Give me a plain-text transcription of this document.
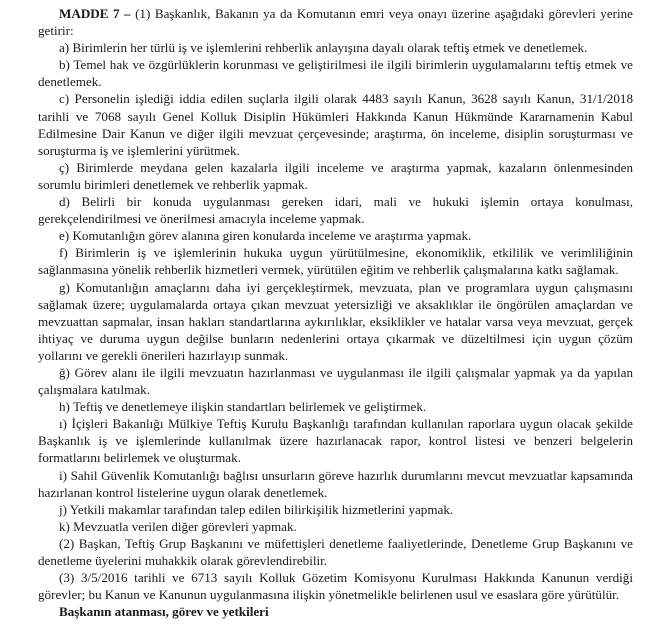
MADDE 7 – (1) Başkanlık, Bakanın ya da Komutanın emri veya onayı üzerine aşağıdaki görevleri yerine getirir:

a) Birimlerin her türlü iş ve işlemlerini rehberlik anlayışına dayalı olarak teftiş etmek ve denetlemek.

b) Temel hak ve özgürlüklerin korunması ve geliştirilmesi ile ilgili birimlerin uygulamalarını teftiş etmek ve denetlemek.

c) Personelin işlediği iddia edilen suçlarla ilgili olarak 4483 sayılı Kanun, 3628 sayılı Kanun, 31/1/2018 tarihli ve 7068 sayılı Genel Kolluk Disiplin Hükümleri Hakkında Kanun Hükmünde Kararnamenin Kabul Edilmesine Dair Kanun ve diğer ilgili mevzuat çerçevesinde; araştırma, ön inceleme, disiplin soruşturması ve soruşturma iş ve işlemlerini yürütmek.

ç) Birimlerde meydana gelen kazalarla ilgili inceleme ve araştırma yapmak, kazaların önlenmesinden sorumlu birimleri denetlemek ve rehberlik yapmak.

d) Belirli bir konuda uygulanması gereken idari, mali ve hukuki işlemin ortaya konulması, gerekçelendirilmesi ve önerilmesi amacıyla inceleme yapmak.

e) Komutanlığın görev alanına giren konularda inceleme ve araştırma yapmak.

f) Birimlerin iş ve işlemlerinin hukuka uygun yürütülmesine, ekonomiklik, etkililik ve verimliliğinin sağlanmasına yönelik rehberlik hizmetleri vermek, yürütülen eğitim ve rehberlik çalışmalarına katkı sağlamak.

g) Komutanlığın amaçlarını daha iyi gerçekleştirmek, mevzuata, plan ve programlara uygun çalışmasını sağlamak üzere; uygulamalarda ortaya çıkan mevzuat yetersizliği ve aksaklıklar ile öngörülen amaçlardan ve mevzuattan sapmalar, insan hakları standartlarına aykırılıklar, eksiklikler ve hatalar varsa veya mevzuat, gerçek ihtiyaç ve duruma uygun değilse bunların nedenlerini ortaya çıkarmak ve düzeltilmesi için uygun çözüm yollarını ve gerekli önerileri hazırlayıp sunmak.

ğ) Görev alanı ile ilgili mevzuatın hazırlanması ve uygulanması ile ilgili çalışmalar yapmak ya da yapılan çalışmalara katılmak.

h) Teftiş ve denetlemeye ilişkin standartları belirlemek ve geliştirmek.

ı) İçişleri Bakanlığı Mülkiye Teftiş Kurulu Başkanlığı tarafından kullanılan raporlara uygun olacak şekilde Başkanlık iş ve işlemlerinde kullanılmak üzere hazırlanacak rapor, kontrol listesi ve benzeri belgelerin formatlarını belirlemek ve oluşturmak.

i) Sahil Güvenlik Komutanlığı bağlısı unsurların göreve hazırlık durumlarını mevcut mevzuatlar kapsamında hazırlanan kontrol listelerine uygun olarak denetlemek.

j) Yetkili makamlar tarafından talep edilen bilirkişilik hizmetlerini yapmak.

k) Mevzuatla verilen diğer görevleri yapmak.

(2) Başkan, Teftiş Grup Başkanını ve müfettişleri denetleme faaliyetlerinde, Denetleme Grup Başkanını ve denetleme üyelerini muhakkik olarak görevlendirebilir.

(3) 3/5/2016 tarihli ve 6713 sayılı Kolluk Gözetim Komisyonu Kurulması Hakkında Kanunun verdiği görevler; bu Kanun ve Kanunun uygulanmasına ilişkin yönetmelikle belirlenen usul ve esaslara göre yürütülür.

Başkanın atanması, görev ve yetkileri
